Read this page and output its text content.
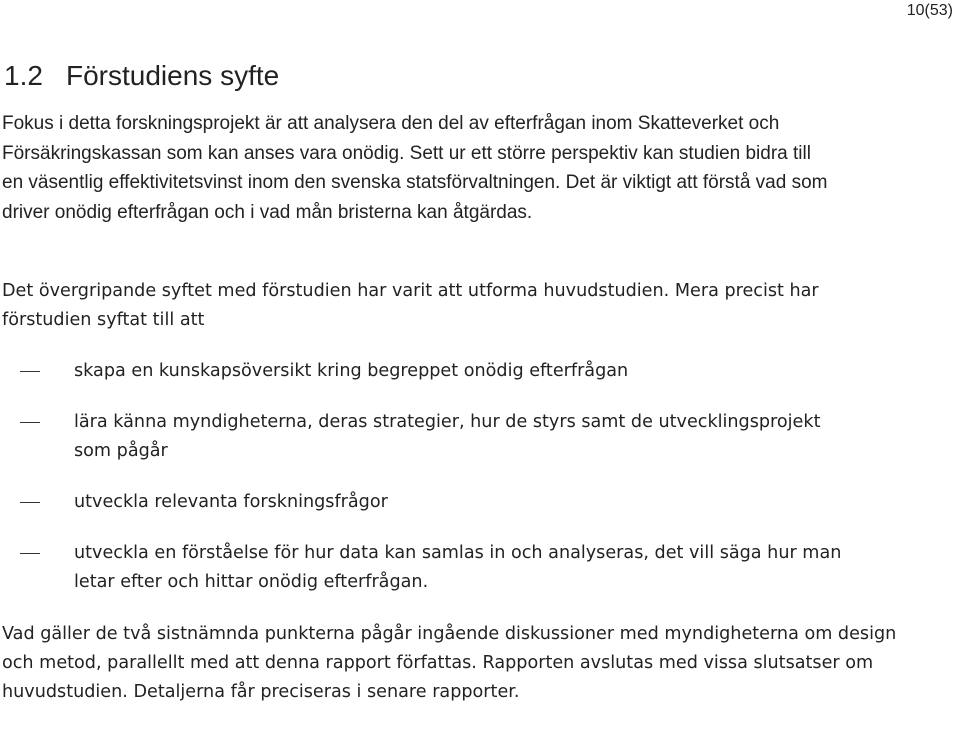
10(53)
1.2 Förstudiens syfte

Fokus i detta forskningsprojekt är att analysera den del av efterfrågan inom Skatteverket och Försäkringskassan som kan anses vara onödig. Sett ur ett större perspektiv kan studien bidra till en väsentlig effektivitetsvinst inom den svenska statsförvaltningen. Det är viktigt att förstå vad som driver onödig efterfrågan och i vad mån bristerna kan åtgärdas.

Det övergripande syftet med förstudien har varit att utforma huvudstudien. Mera precist har förstudien syftat till att

skapa en kunskapsöversikt kring begreppet onödig efterfrågan
lära känna myndigheterna, deras strategier, hur de styrs samt de utvecklingsprojekt som pågår
utveckla relevanta forskningsfrågor
utveckla en förståelse för hur data kan samlas in och analyseras, det vill säga hur man letar efter och hittar onödig efterfrågan.

Vad gäller de två sistnämnda punkterna pågår ingående diskussioner med myndigheterna om design och metod, parallellt med att denna rapport författas. Rapporten avslutas med vissa slutsatser om huvudstudien. Detaljerna får preciseras i senare rapporter.
